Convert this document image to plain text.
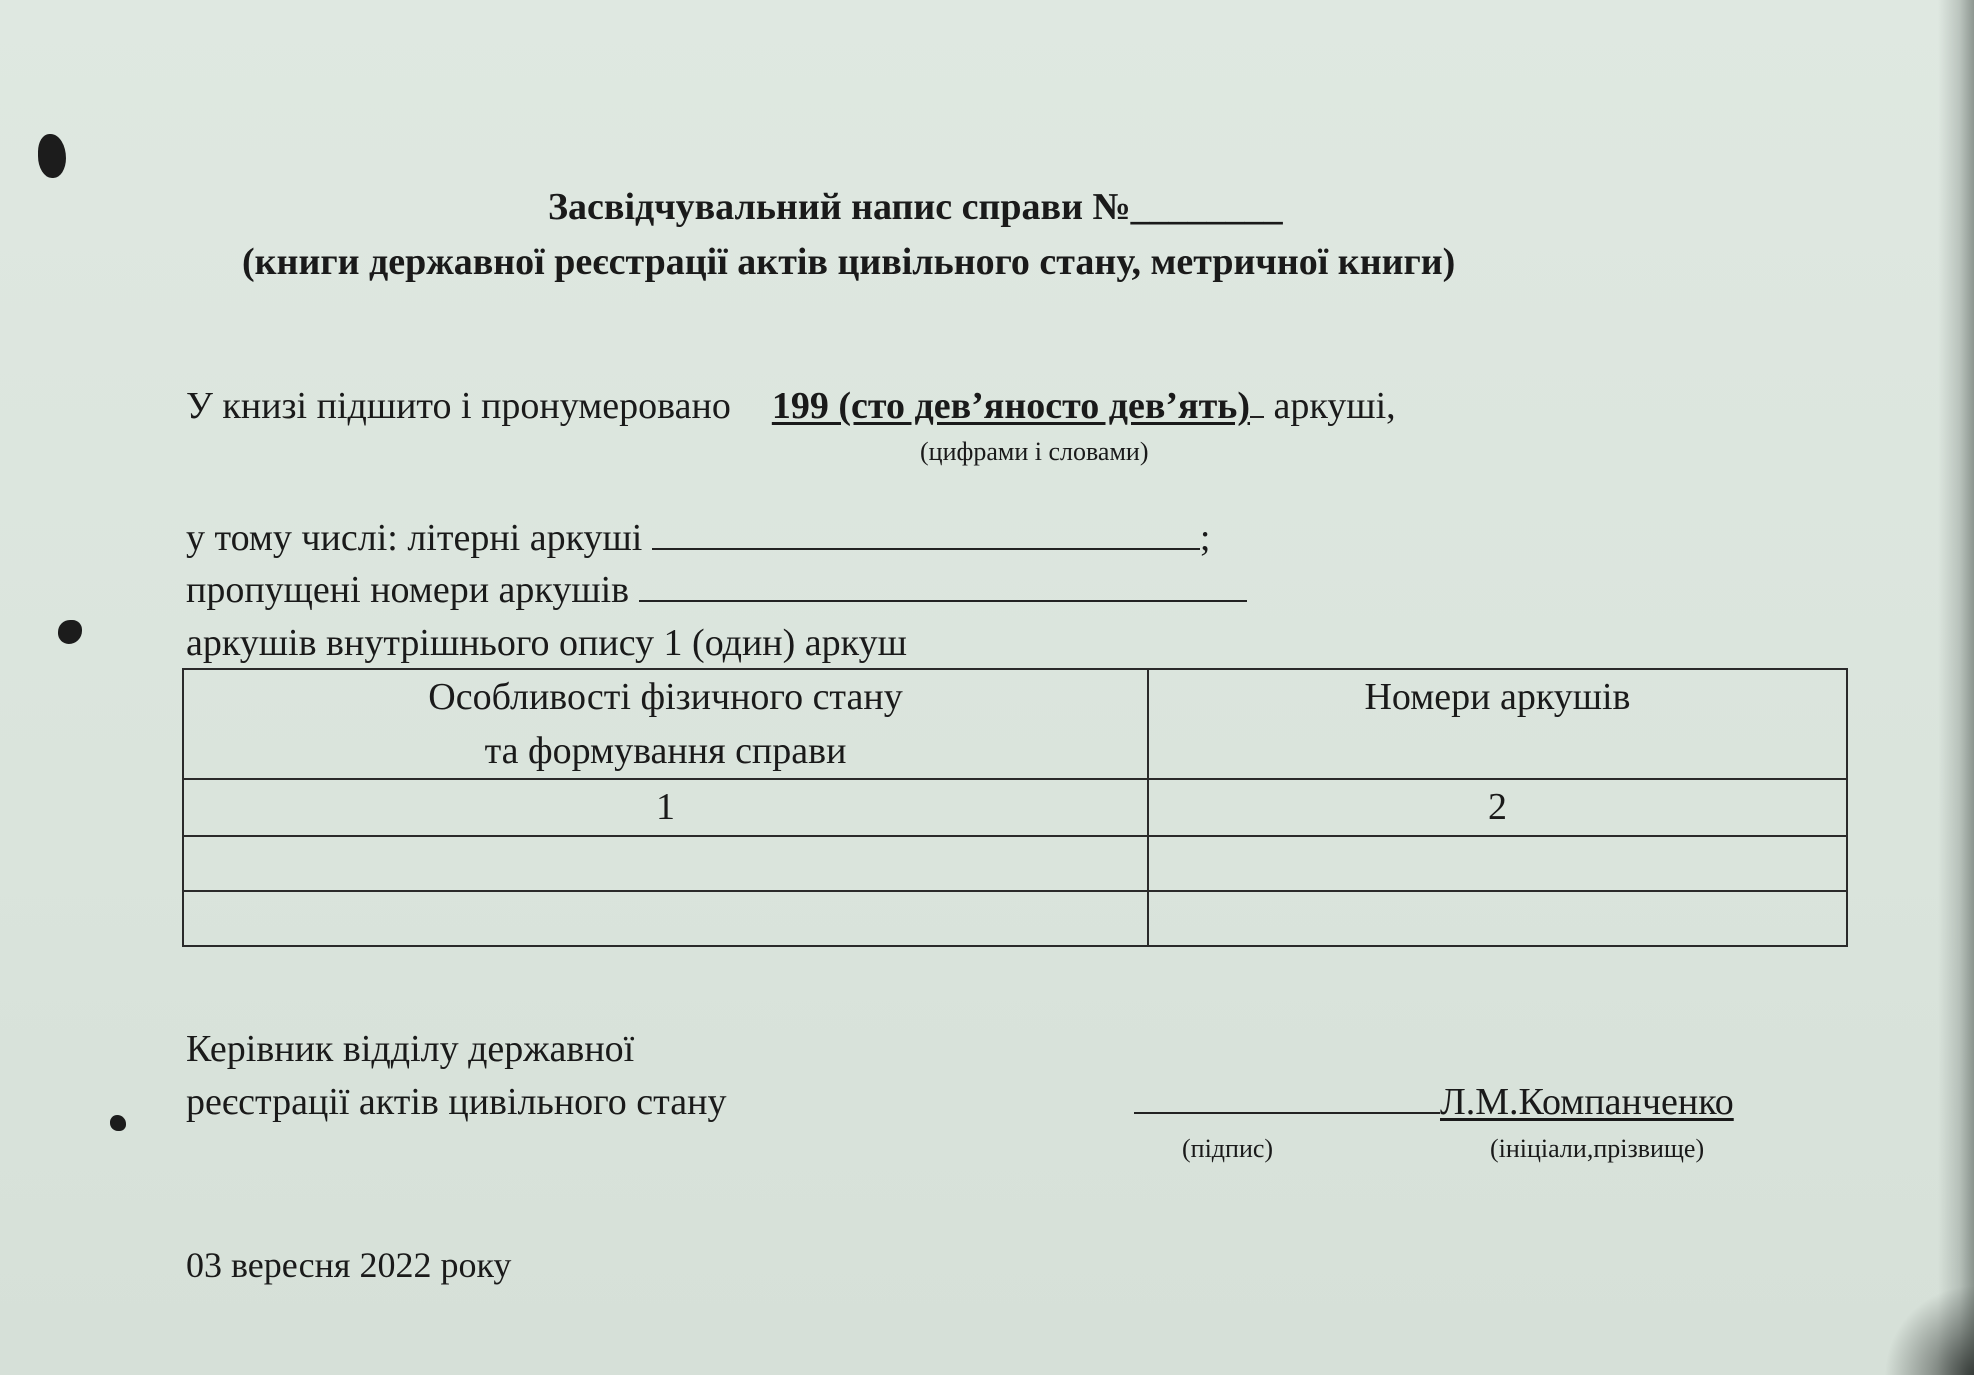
Засвідчувальний напис справи №________
(книги державної реєстрації актів цивільного стану, метричної книги)
У книзі підшито і пронумеровано 199 (сто дев’яносто дев’ять) аркуші,
(цифрами і словами)
у тому числі: літерні аркуші	;
пропущені номери аркушів
аркушів внутрішнього опису 1 (один) аркуш
Особливості фізичного стану
та формування справи	Номери аркушів

1	2

Керівник відділу державної
реєстрації актів цивільного стану	Л.М.Компанченко
(підпис)	(ініціали,прізвище)
03 вересня 2022 року
